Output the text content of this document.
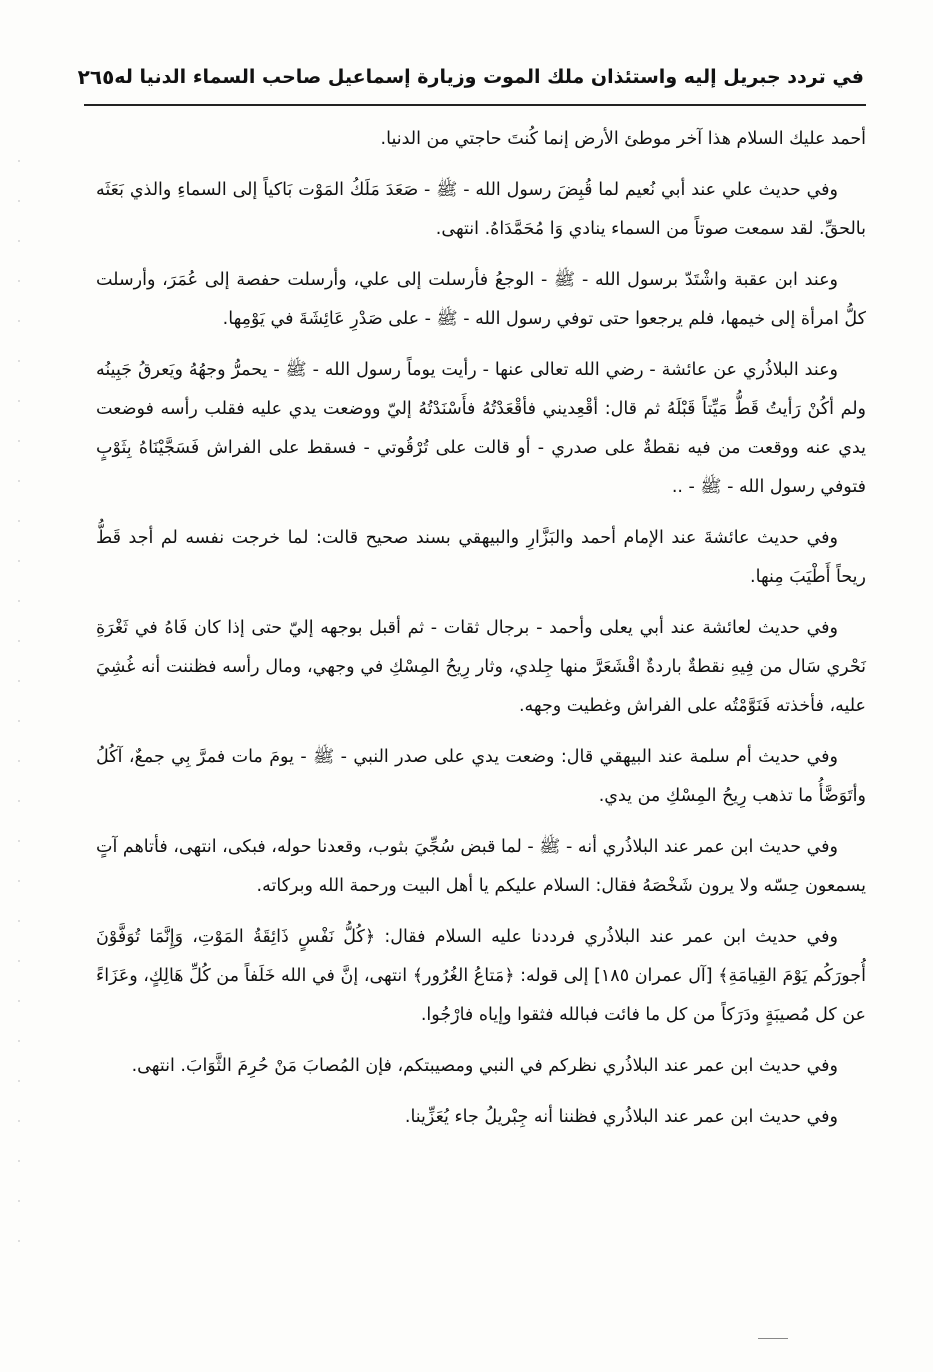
في تردد جبريل إليه واستئذان ملك الموت وزيارة إسماعيل صاحب السماء الدنيا له
٢٦٥

أحمد عليك السلام هذا آخر موطئ الأرض إنما كُنتَ حاجتي من الدنيا.

وفي حديث علي عند أبي نُعيم لما قُبِضَ رسول الله - ﷺ - صَعَدَ مَلَكُ المَوْت بَاكياً إلى السماءِ والذي بَعَثَه بالحقِّ. لقد سمعت صوتاً من السماء ينادي وَا مُحَمَّدَاهُ. انتهى.

وعند ابن عقبة واشْتَدّ برسول الله - ﷺ - الوجعُ فأرسلت إلى علي، وأرسلت حفصة إلى عُمَرَ، وأرسلت كلُّ امرأة إلى خيمها، فلم يرجعوا حتى توفي رسول الله - ﷺ - على صَدْرِ عَائِشَةَ في يَوْمِها.

وعند البلاذُري عن عائشة - رضي الله تعالى عنها - رأيت يوماً رسول الله - ﷺ - يحمرُّ وجهُهُ ويَعرقُ جَبِينُه ولم أكُنْ رَأيتُ قَطُّ مَيِّتاً قَبْلَهُ ثم قال: أقْعِديني فأقْعَدْتُهُ فأَسْنَدْتُهُ إليّ ووضعت يدي عليه فقلب رأسه فوضعت يدي عنه ووقعت من فيه نقطةٌ على صدري - أو قالت على تُرْقُوتي - فسقط على الفراش فَسَجَّيْنَاهُ بِثَوْبٍ فتوفي رسول الله - ﷺ - ..

وفي حديث عائشةَ عند الإمام أحمد والبَزَّارِ والبيهقي بسند صحيح قالت: لما خرجت نفسه لم أجد قَطُّ ريحاً أَطْيَبَ مِنها.

وفي حديث لعائشة عند أبي يعلى وأحمد - برجال ثقات - ثم أقبل بوجهه إليّ حتى إذا كان فَاهُ في ثَغْرَةِ نَحْري سَال من فِيهِ نقطةٌ باردةٌ اقْشَعَرَّ منها جِلدي، وثار رِيحُ المِسْكِ في وجهي، ومال رأسه فظننت أنه غُشِيَ عليه، فأخذته فَنَوَّمْتُه على الفراش وغطيت وجهه.

وفي حديث أم سلمة عند البيهقي قال: وضعت يدي على صدر النبي - ﷺ - يومَ مات فمرَّ بِي جمعٌ، آكُلُ وأتَوَضَّأُ ما تذهب رِيحُ المِسْكِ من يدي.

وفي حديث ابن عمر عند البلاذُري أنه - ﷺ - لما قبض سُجِّيَ بثوب، وقعدنا حوله، فبكى، انتهى، فأتاهم آتٍ يسمعون حِسّه ولا يرون شَخْصَهُ فقال: السلام عليكم يا أهل البيت ورحمة الله وبركاته.

وفي حديث ابن عمر عند البلاذُري فرددنا عليه السلام فقال: ﴿كُلُّ نَفْسٍ ذَائِقَةُ المَوْتِ، وَإِنَّمَا تُوَفَّوْنَ أُجورَكُم يَوْمَ القِيامَةِ﴾ [آل عمران ١٨٥] إلى قوله: ﴿مَتاعُ الغُرُور﴾ انتهى، إنَّ في الله خَلَفاً من كُلِّ هَالِكٍ، وعَزَاءً عن كل مُصيبَةٍ ودَرَكاً من كل ما فائت فبالله فثقوا وإياه فارْجُوا.

وفي حديث ابن عمر عند البلاذُري نظركم في النبي ومصيبتكم، فإن المُصابَ مَنْ حُرِمَ الثَّوَابَ. انتهى.

وفي حديث ابن عمر عند البلاذُري فظننا أنه جِبْريلُ جاء يُعَزِّينا.
